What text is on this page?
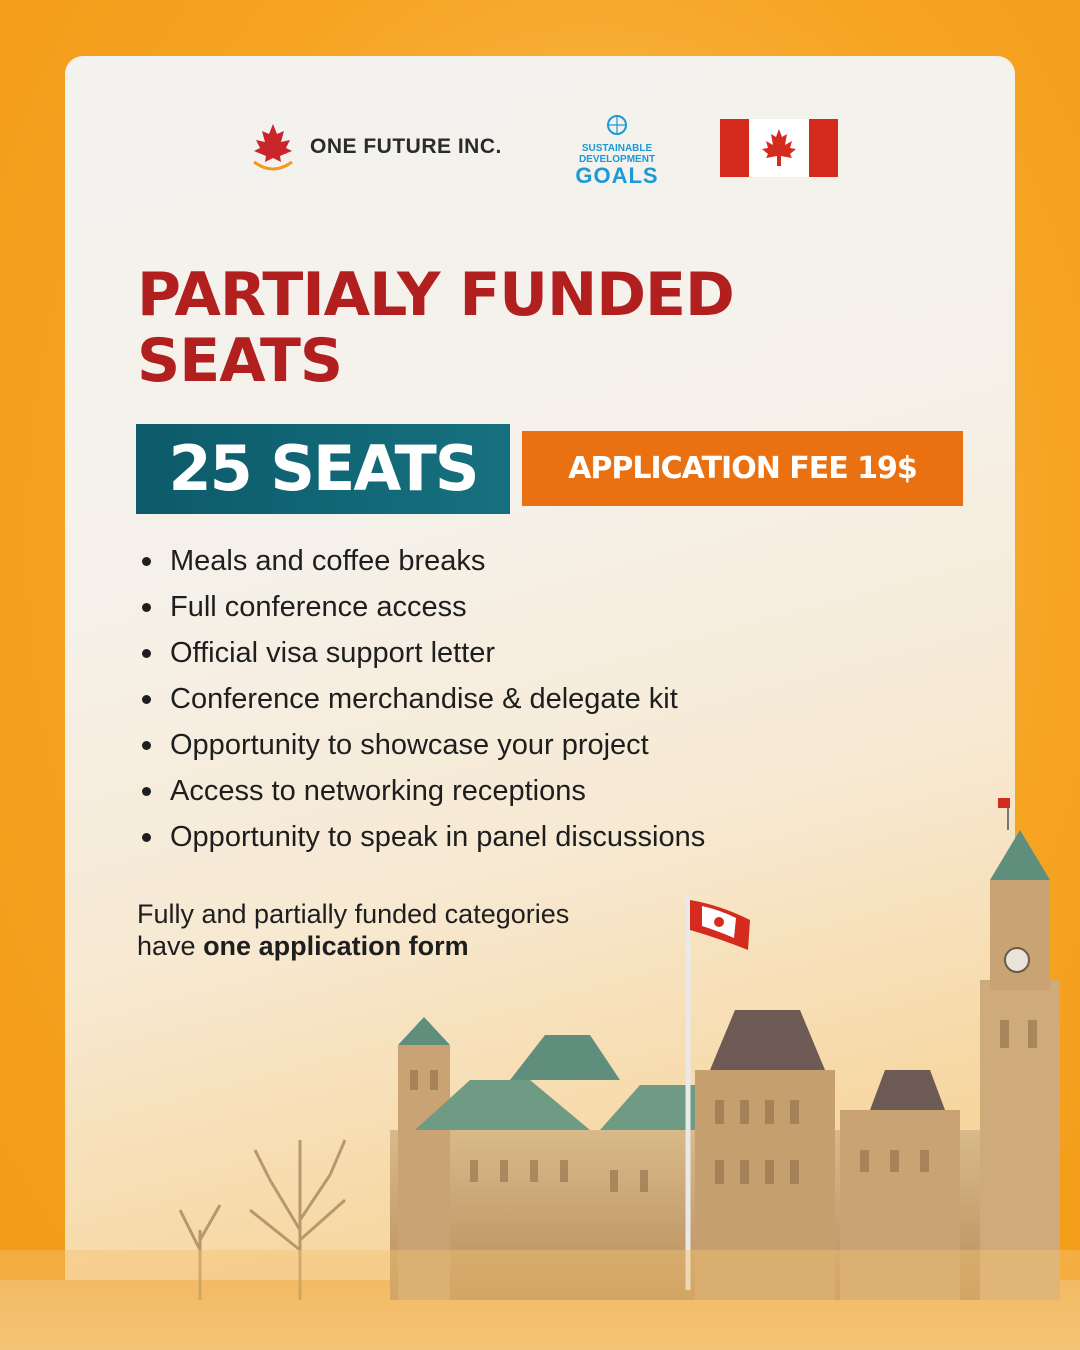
ONE FUTURE INC.	SUSTAINABLE
DEVELOPMENT
GOALS
PARTIALY FUNDED
SEATS
25 SEATS	APPLICATION FEE 19$
Meals and coffee breaks
Full conference access
Official visa support letter
Conference merchandise & delegate kit
Opportunity to showcase your project
Access to networking receptions
Opportunity to speak in panel discussions

Fully and partially funded categories
have one application form
